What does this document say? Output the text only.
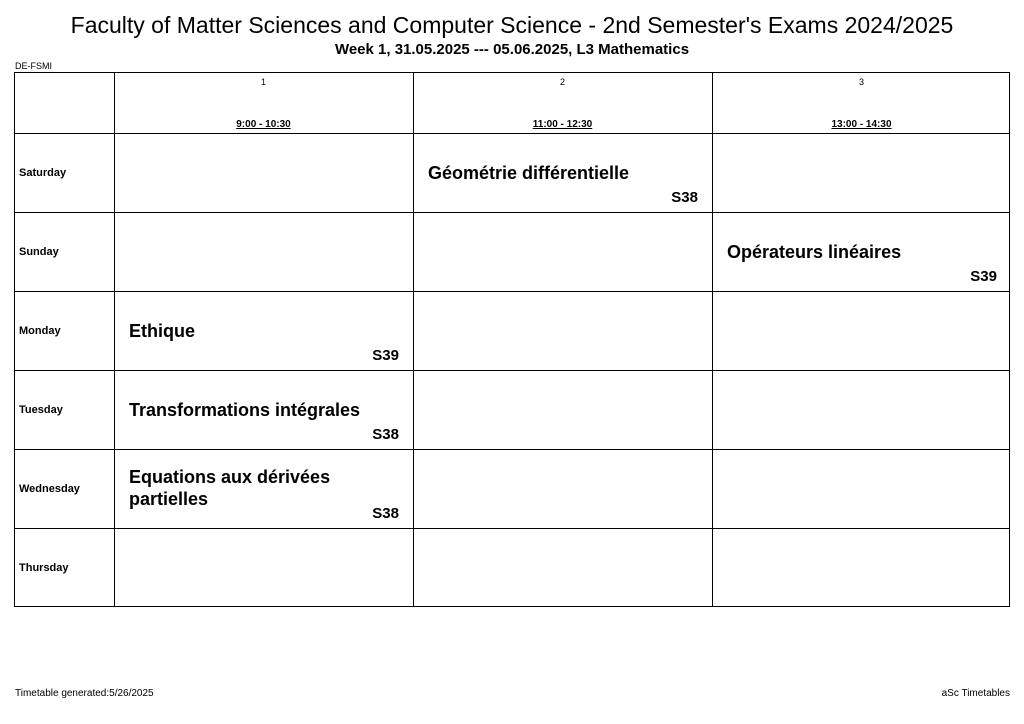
Faculty of Matter Sciences and Computer Science - 2nd Semester's Exams 2024/2025
Week 1, 31.05.2025 --- 05.06.2025, L3 Mathematics
DE-FSMI
1
9:00 - 10:30
2
11:00 - 12:30
3
13:00 - 14:30
Saturday
Sunday
Monday
Tuesday
Wednesday
Thursday
Géométrie différentielle
S38
Opérateurs linéaires
S39
Ethique
S39
Transformations intégrales
S38
Equations aux dérivées partielles
S38
Timetable generated:5/26/2025	aSc Timetables
